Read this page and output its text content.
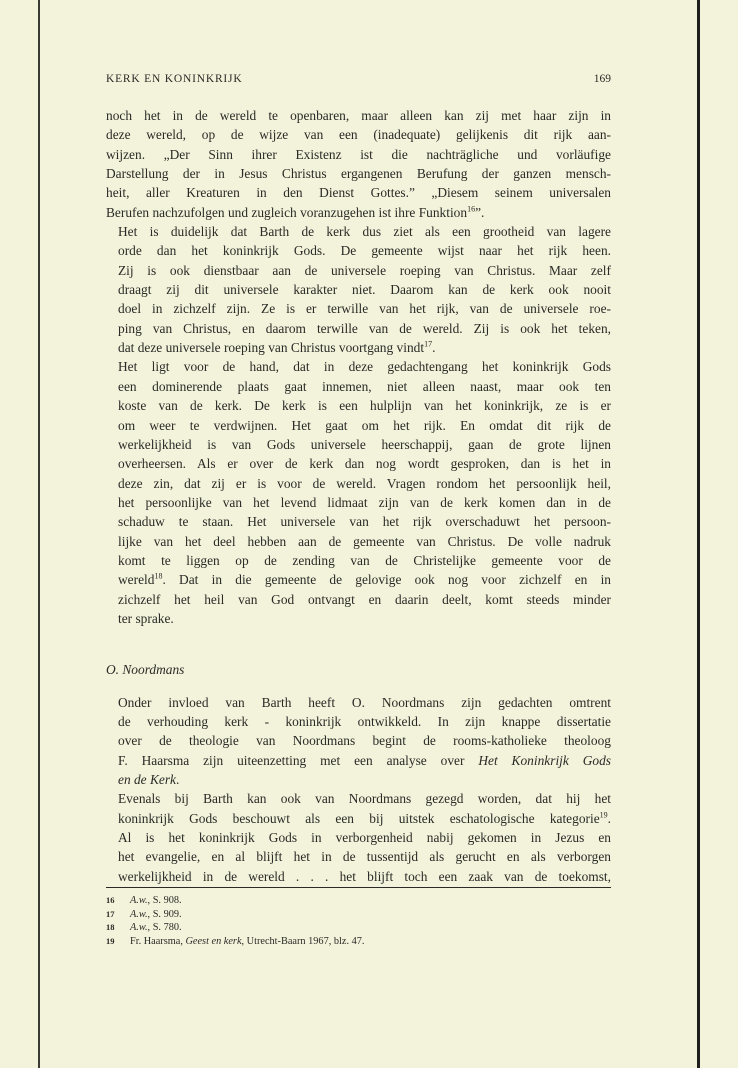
KERK EN KONINKRIJK	169

noch het in de wereld te openbaren, maar alleen kan zij met haar zijn in
deze wereld, op de wijze van een (inadequate) gelijkenis dit rijk aan-
wijzen. „Der Sinn ihrer Existenz ist die nachträgliche und vorläufige
Darstellung der in Jesus Christus ergangenen Berufung der ganzen mensch-
heit, aller Kreaturen in den Dienst Gottes.” „Diesem seinem universalen
Berufen nachzufolgen und zugleich voranzugehen ist ihre Funktion$^{16}$”.

Het is duidelijk dat Barth de kerk dus ziet als een grootheid van lagere
orde dan het koninkrijk Gods. De gemeente wijst naar het rijk heen.
Zij is ook dienstbaar aan de universele roeping van Christus. Maar zelf
draagt zij dit universele karakter niet. Daarom kan de kerk ook nooit
doel in zichzelf zijn. Ze is er terwille van het rijk, van de universele roe-
ping van Christus, en daarom terwille van de wereld. Zij is ook het teken,
dat deze universele roeping van Christus voortgang vindt$^{17}$.

Het ligt voor de hand, dat in deze gedachtengang het koninkrijk Gods
een dominerende plaats gaat innemen, niet alleen naast, maar ook ten
koste van de kerk. De kerk is een hulplijn van het koninkrijk, ze is er
om weer te verdwijnen. Het gaat om het rijk. En omdat dit rijk de
werkelijkheid is van Gods universele heerschappij, gaan de grote lijnen
overheersen. Als er over de kerk dan nog wordt gesproken, dan is het in
deze zin, dat zij er is voor de wereld. Vragen rondom het persoonlijk heil,
het persoonlijke van het levend lidmaat zijn van de kerk komen dan in de
schaduw te staan. Het universele van het rijk overschaduwt het persoon-
lijke van het deel hebben aan de gemeente van Christus. De volle nadruk
komt te liggen op de zending van de Christelijke gemeente voor de
wereld$^{18}$. Dat in die gemeente de gelovige ook nog voor zichzelf en in
zichzelf het heil van God ontvangt en daarin deelt, komt steeds minder
ter sprake.

O. Noordmans

Onder invloed van Barth heeft O. Noordmans zijn gedachten omtrent
de verhouding kerk - koninkrijk ontwikkeld. In zijn knappe dissertatie
over de theologie van Noordmans begint de rooms-katholieke theoloog
F. Haarsma zijn uiteenzetting met een analyse over Het Koninkrijk Gods
en de Kerk.

Evenals bij Barth kan ook van Noordmans gezegd worden, dat hij het
koninkrijk Gods beschouwt als een bij uitstek eschatologische kategorie$^{19}$.
Al is het koninkrijk Gods in verborgenheid nabij gekomen in Jezus en
het evangelie, en al blijft het in de tussentijd als gerucht en als verborgen
werkelijkheid in de wereld . . . het blijft toch een zaak van de toekomst,

16 A.w., S. 908.
17 A.w., S. 909.
18 A.w., S. 780.
19 Fr. Haarsma, Geest en kerk, Utrecht-Baarn 1967, blz. 47.
